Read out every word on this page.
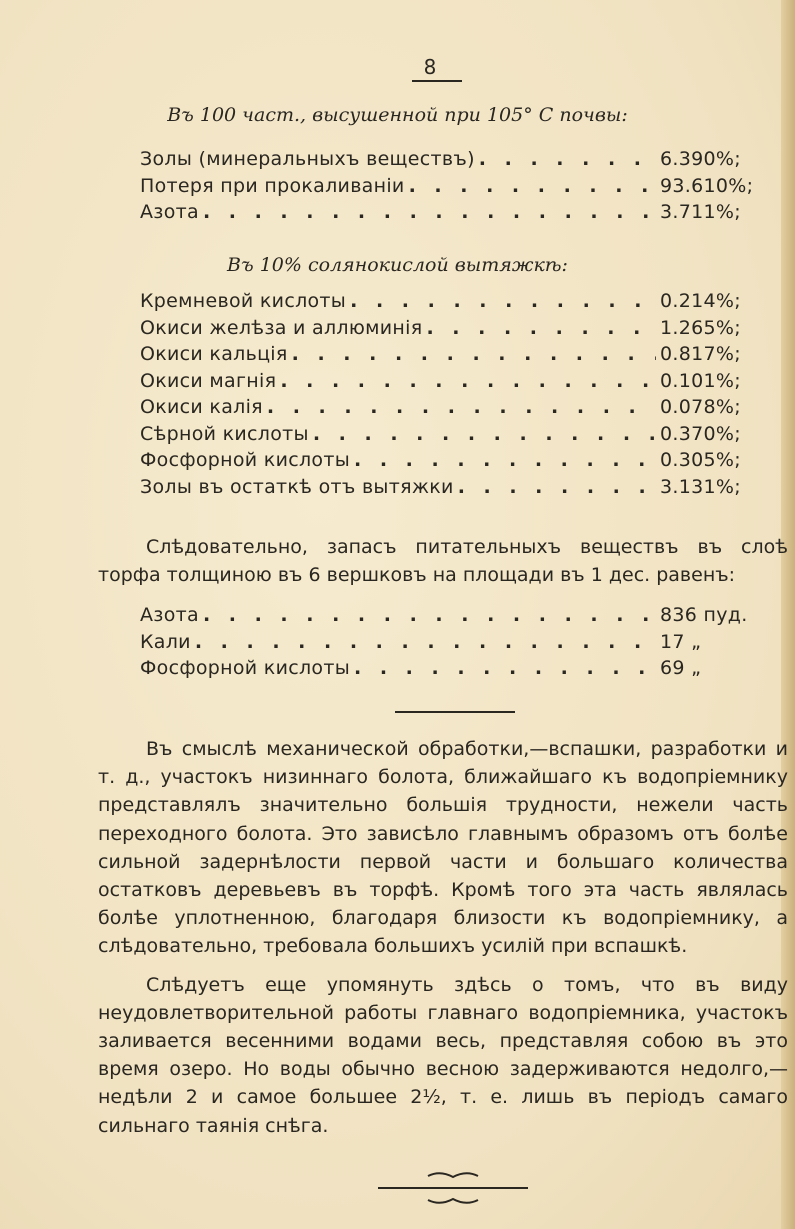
8
Въ 100 част., высушенной при 105° С почвы:
Золы (минеральныхъ веществъ) . . .	6.390%;
Потеря при прокаливаніи . . .	93.610%;
Азота . . .	3.711%;
Въ 10% солянокислой вытяжкѣ:
Кремневой кислоты . . .	0.214%;
Окиси желѣза и аллюминія . . .	1.265%;
Окиси кальція . . .	0.817%;
Окиси магнія . . .	0.101%;
Окиси калія . . .	0.078%;
Сѣрной кислоты . . .	0.370%;
Фосфорной кислоты . . .	0.305%;
Золы въ остаткѣ отъ вытяжки . . .	3.131%;

Слѣдовательно, запасъ питательныхъ веществъ въ слоѣ торфа толщиною въ 6 вершковъ на площади въ 1 дес. равенъ:

Азота . . .	836 пуд.
Кали . . .	17 „
Фосфорной кислоты . . .	69 „

Въ смыслѣ механической обработки,—вспашки, разработки и т. д., участокъ низиннаго болота, ближайшаго къ водопріемнику представлялъ значительно большія трудности, нежели часть переходного болота. Это зависѣло главнымъ образомъ отъ болѣе сильной задернѣлости первой части и большаго количества остатковъ деревьевъ въ торфѣ. Кромѣ того эта часть являлась болѣе уплотненною, благодаря близости къ водопріемнику, а слѣдовательно, требовала большихъ усилій при вспашкѣ.

Слѣдуетъ еще упомянуть здѣсь о томъ, что въ виду неудовлетворительной работы главнаго водопріемника, участокъ заливается весенними водами весь, представляя собою въ это время озеро. Но воды обычно весною задерживаются недолго,— недѣли 2 и самое большее 2½, т. е. лишь въ періодъ самаго сильнаго таянія снѣга.
